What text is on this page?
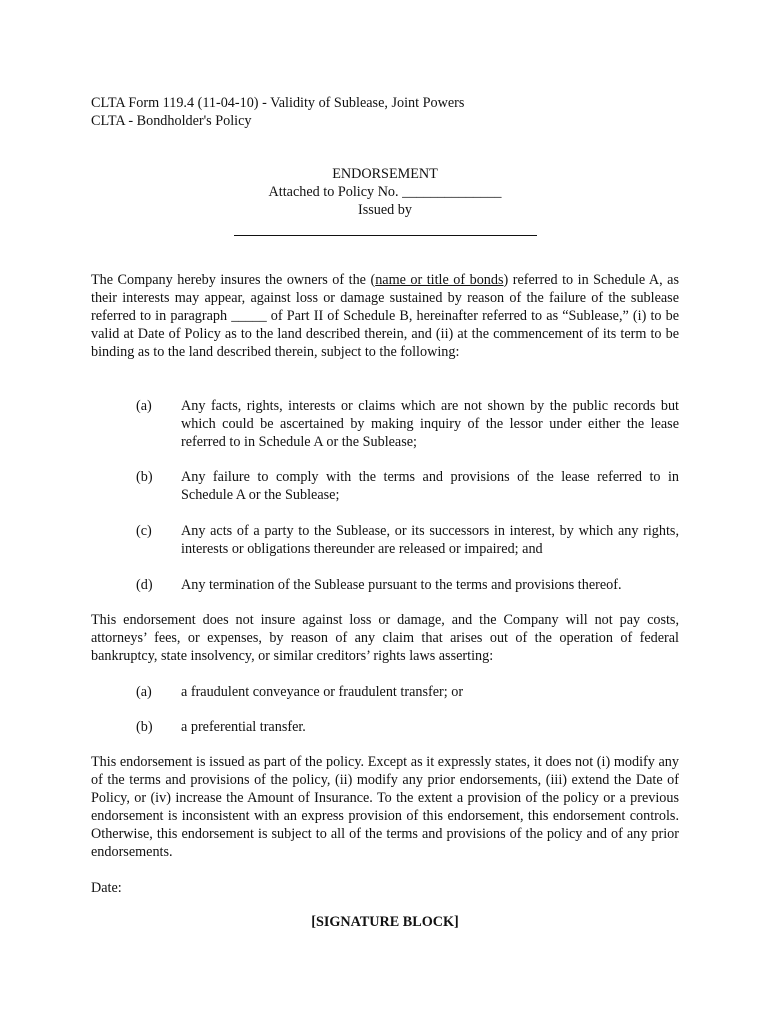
CLTA Form 119.4 (11-04-10) - Validity of Sublease, Joint Powers
CLTA - Bondholder's Policy
ENDORSEMENT
Attached to Policy No. ______________
Issued by
The Company hereby insures the owners of the (name or title of bonds) referred to in Schedule A, as their interests may appear, against loss or damage sustained by reason of the failure of the sublease referred to in paragraph _____ of Part II of Schedule B, hereinafter referred to as “Sublease,” (i) to be valid at Date of Policy as to the land described therein, and (ii) at the commencement of its term to be binding as to the land described therein, subject to the following:
(a) Any facts, rights, interests or claims which are not shown by the public records but which could be ascertained by making inquiry of the lessor under either the lease referred to in Schedule A or the Sublease;
(b) Any failure to comply with the terms and provisions of the lease referred to in Schedule A or the Sublease;
(c) Any acts of a party to the Sublease, or its successors in interest, by which any rights, interests or obligations thereunder are released or impaired; and
(d) Any termination of the Sublease pursuant to the terms and provisions thereof.
This endorsement does not insure against loss or damage, and the Company will not pay costs, attorneys’ fees, or expenses, by reason of any claim that arises out of the operation of federal bankruptcy, state insolvency, or similar creditors’ rights laws asserting:
(a) a fraudulent conveyance or fraudulent transfer; or
(b) a preferential transfer.
This endorsement is issued as part of the policy. Except as it expressly states, it does not (i) modify any of the terms and provisions of the policy, (ii) modify any prior endorsements, (iii) extend the Date of Policy, or (iv) increase the Amount of Insurance. To the extent a provision of the policy or a previous endorsement is inconsistent with an express provision of this endorsement, this endorsement controls. Otherwise, this endorsement is subject to all of the terms and provisions of the policy and of any prior endorsements.
Date:
[SIGNATURE BLOCK]
